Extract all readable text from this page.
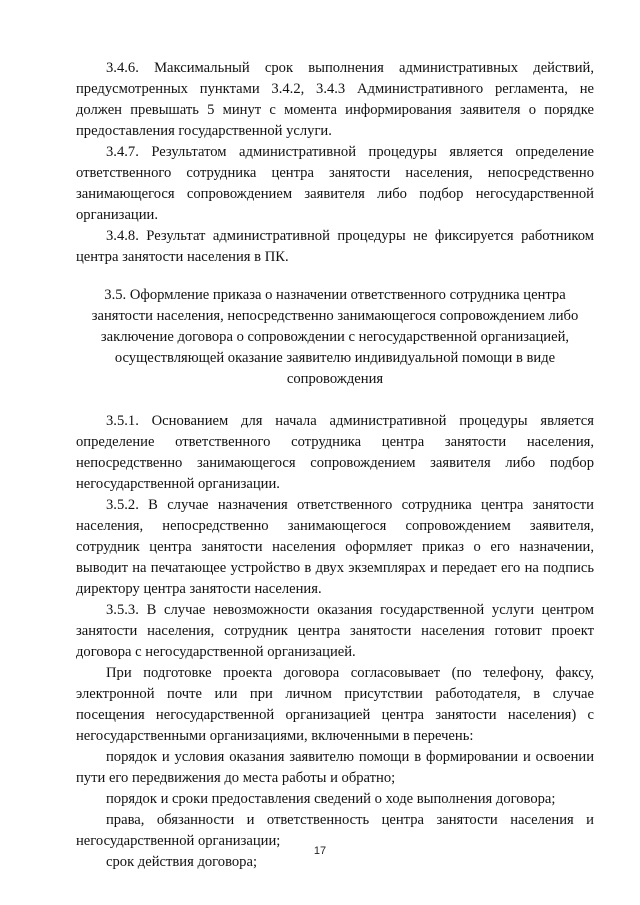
3.4.6. Максимальный срок выполнения административных действий, предусмотренных пунктами 3.4.2, 3.4.3 Административного регламента, не должен превышать 5 минут с момента информирования заявителя о порядке предоставления государственной услуги.

3.4.7. Результатом административной процедуры является определение ответственного сотрудника центра занятости населения, непосредственно занимающегося сопровождением заявителя либо подбор негосударственной организации.

3.4.8. Результат административной процедуры не фиксируется работником центра занятости населения в ПК.

3.5. Оформление приказа о назначении ответственного сотрудника центра занятости населения, непосредственно занимающегося сопровождением либо заключение договора о сопровождении с негосударственной организацией, осуществляющей оказание заявителю индивидуальной помощи в виде сопровождения

3.5.1. Основанием для начала административной процедуры является определение ответственного сотрудника центра занятости населения, непосредственно занимающегося сопровождением заявителя либо подбор негосударственной организации.

3.5.2. В случае назначения ответственного сотрудника центра занятости населения, непосредственно занимающегося сопровождением заявителя, сотрудник центра занятости населения оформляет приказ о его назначении, выводит на печатающее устройство в двух экземплярах и передает его на подпись директору центра занятости населения.

3.5.3. В случае невозможности оказания государственной услуги центром занятости населения, сотрудник центра занятости населения готовит проект договора с негосударственной организацией.

При подготовке проекта договора согласовывает (по телефону, факсу, электронной почте или при личном присутствии работодателя, в случае посещения негосударственной организацией центра занятости населения) с негосударственными организациями, включенными в перечень:

порядок и условия оказания заявителю помощи в формировании и освоении пути его передвижения до места работы и обратно;

порядок и сроки предоставления сведений о ходе выполнения договора;

права, обязанности и ответственность центра занятости населения и негосударственной организации;

срок действия договора;

17
